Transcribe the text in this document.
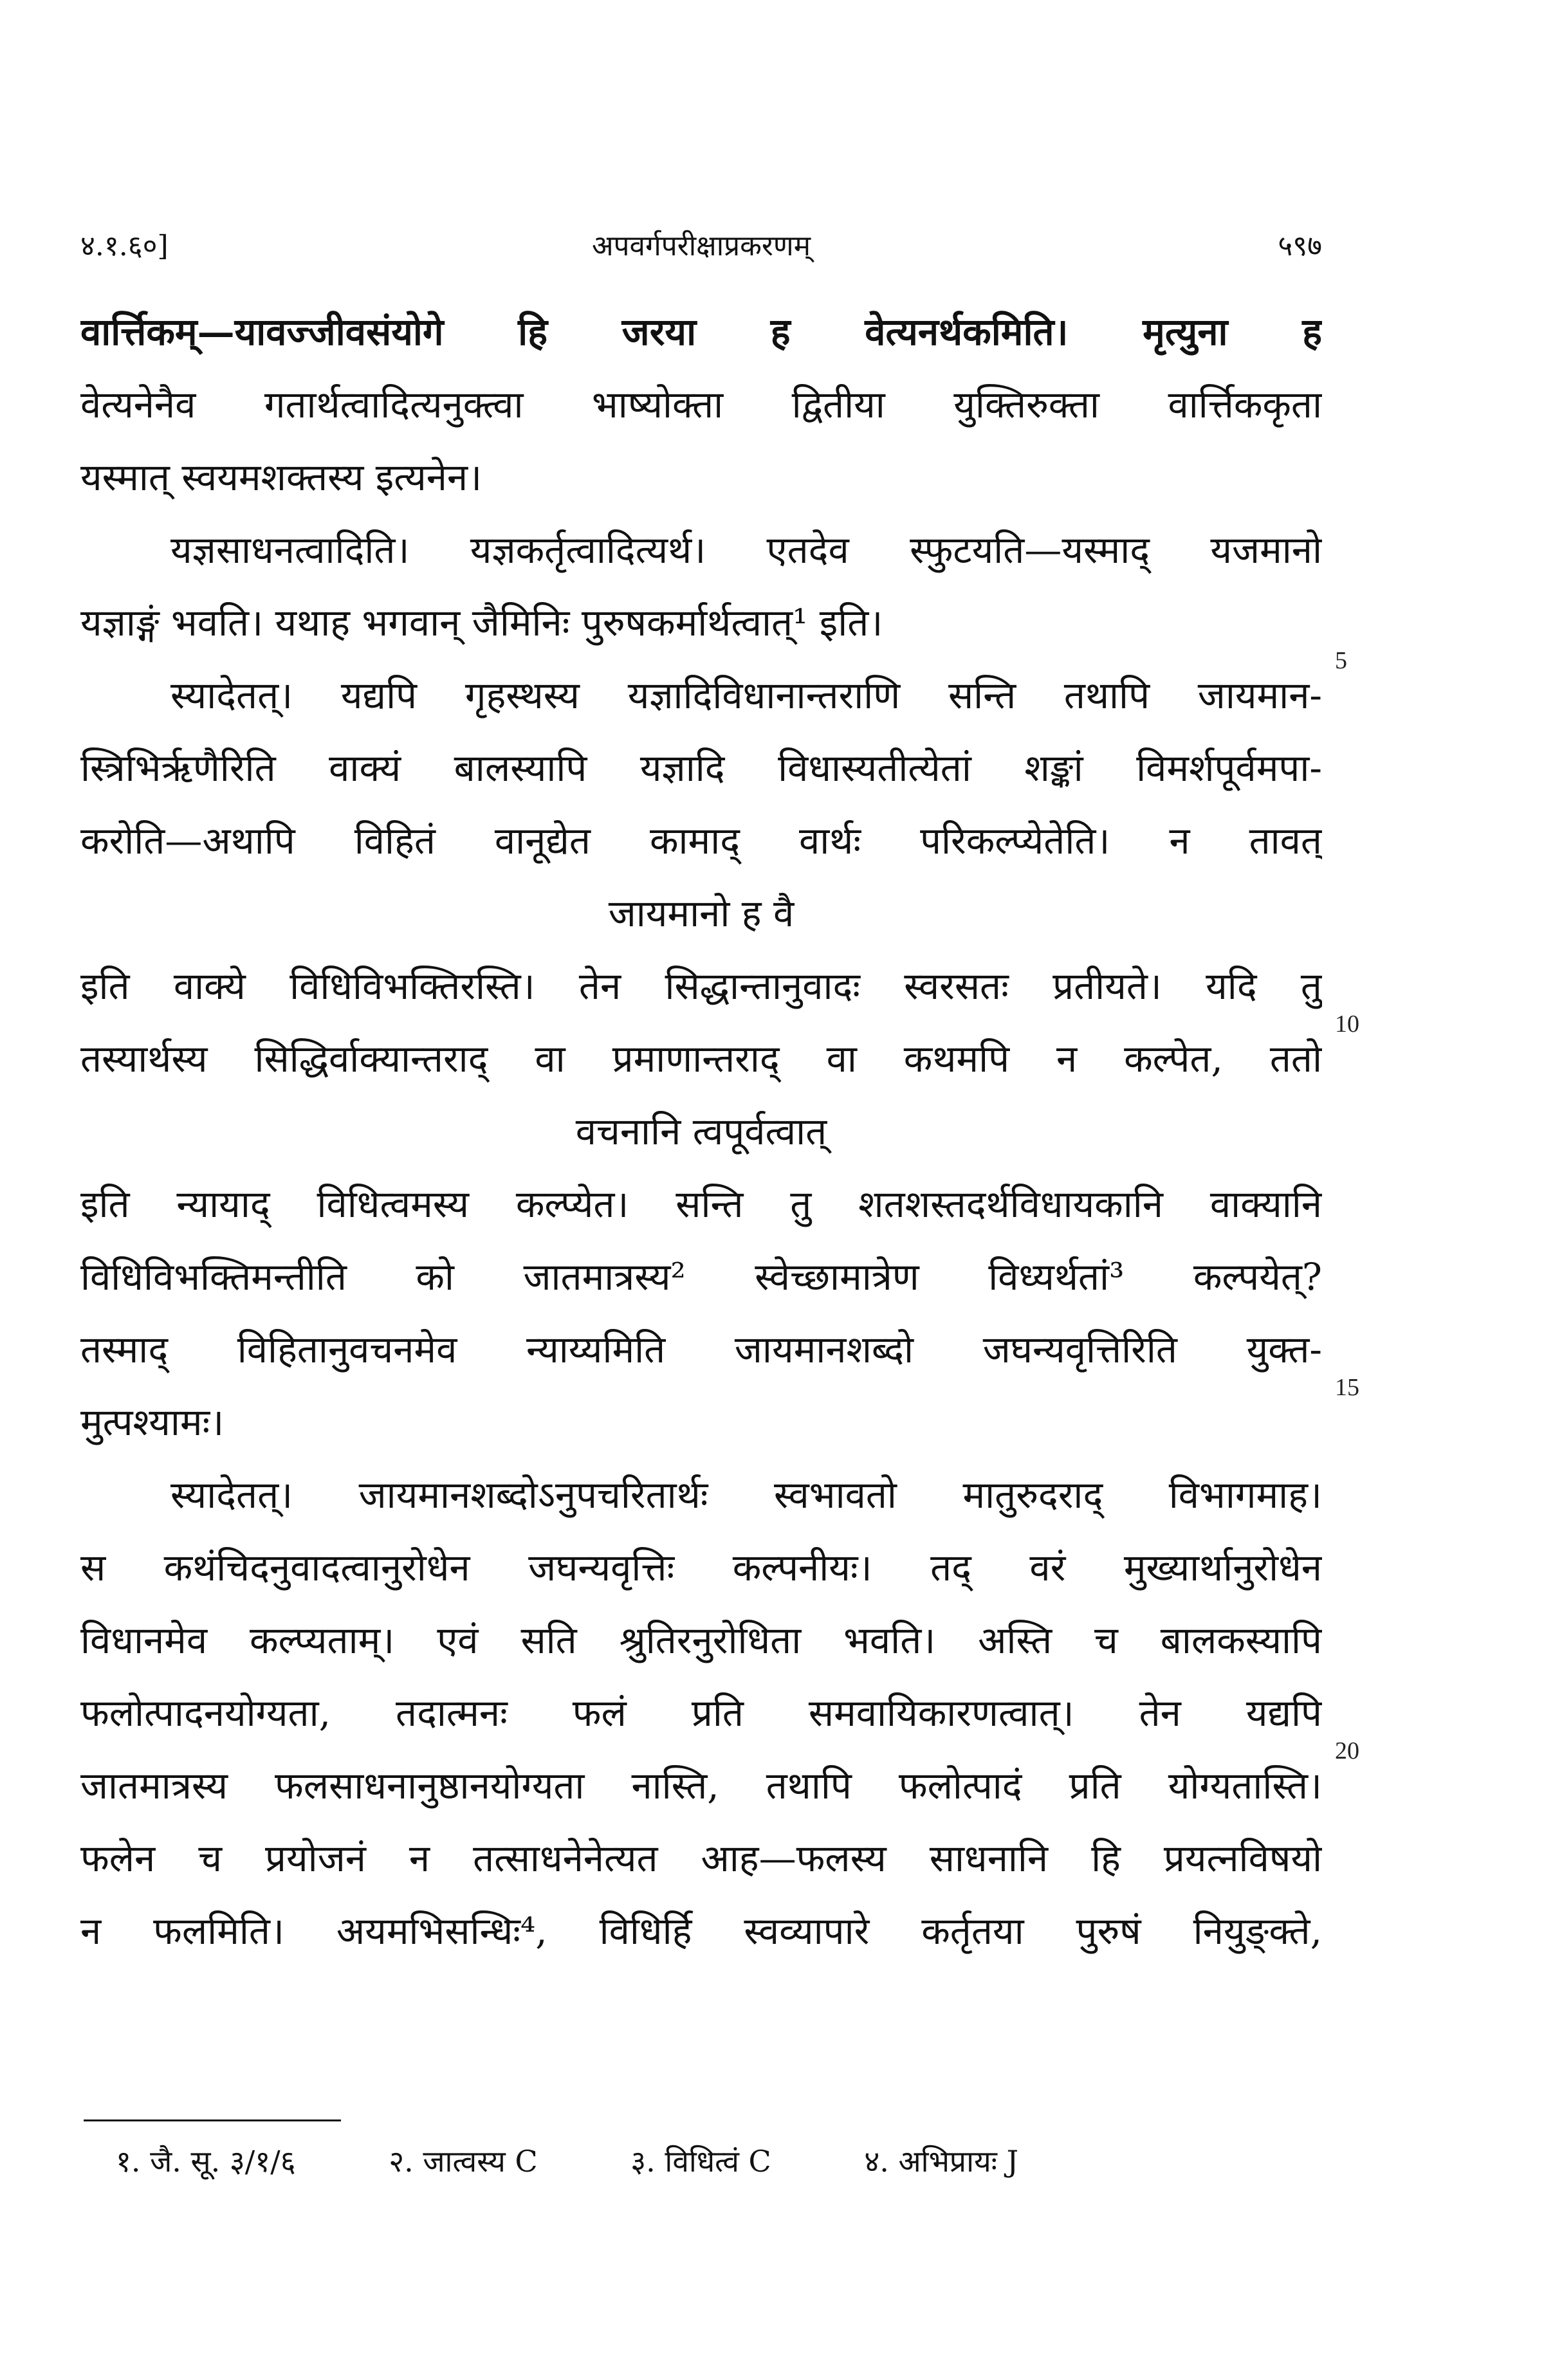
४.१.६०]	अपवर्गपरीक्षाप्रकरणम्	५९७
वार्त्तिकम्—यावज्जीवसंयोगे हि जरया ह वेत्यनर्थकमिति। मृत्युना ह
वेत्यनेनैव गतार्थत्वादित्यनुक्त्वा भाष्योक्ता द्वितीया युक्तिरुक्ता वार्त्तिककृता
यस्मात् स्वयमशक्तस्य इत्यनेन।
यज्ञसाधनत्वादिति। यज्ञकर्तृत्वादित्यर्थ। एतदेव स्फुटयति—यस्माद् यजमानो
यज्ञाङ्गं भवति। यथाह भगवान् जैमिनिः पुरुषकर्मार्थत्वात्¹ इति।
स्यादेतत्। यद्यपि गृहस्थस्य यज्ञादिविधानान्तराणि सन्ति तथापि जायमान-
स्त्रिभिर्ऋणैरिति वाक्यं बालस्यापि यज्ञादि विधास्यतीत्येतां शङ्कां विमर्शपूर्वमपा-
करोति—अथापि विहितं वानूद्येत कामाद् वार्थः परिकल्प्येतेति। न तावत्
जायमानो ह वै
इति वाक्ये विधिविभक्तिरस्ति। तेन सिद्धान्तानुवादः स्वरसतः प्रतीयते। यदि तु
तस्यार्थस्य सिद्धिर्वाक्यान्तराद् वा प्रमाणान्तराद् वा कथमपि न कल्पेत, ततो
वचनानि त्वपूर्वत्वात्
इति न्यायाद् विधित्वमस्य कल्प्येत। सन्ति तु शतशस्तदर्थविधायकानि वाक्यानि
विधिविभक्तिमन्तीति को जातमात्रस्य² स्वेच्छामात्रेण विध्यर्थतां³ कल्पयेत्?
तस्माद् विहितानुवचनमेव न्याय्यमिति जायमानशब्दो जघन्यवृत्तिरिति युक्त-
मुत्पश्यामः।
स्यादेतत्। जायमानशब्दोऽनुपचरितार्थः स्वभावतो मातुरुदराद् विभागमाह।
स कथंचिदनुवादत्वानुरोधेन जघन्यवृत्तिः कल्पनीयः। तद् वरं मुख्यार्थानुरोधेन
विधानमेव कल्प्यताम्। एवं सति श्रुतिरनुरोधिता भवति। अस्ति च बालकस्यापि
फलोत्पादनयोग्यता, तदात्मनः फलं प्रति समवायिकारणत्वात्। तेन यद्यपि
जातमात्रस्य फलसाधनानुष्ठानयोग्यता नास्ति, तथापि फलोत्पादं प्रति योग्यतास्ति।
फलेन च प्रयोजनं न तत्साधनेनेत्यत आह—फलस्य साधनानि हि प्रयत्नविषयो
न फलमिति। अयमभिसन्धिः⁴, विधिर्हि स्वव्यापारे कर्तृतया पुरुषं नियुङ्क्ते,
5
10
15
20
१. जै. सू. ३/१/६	२. जात्वस्य C	३. विधित्वं C	४. अभिप्रायः J
